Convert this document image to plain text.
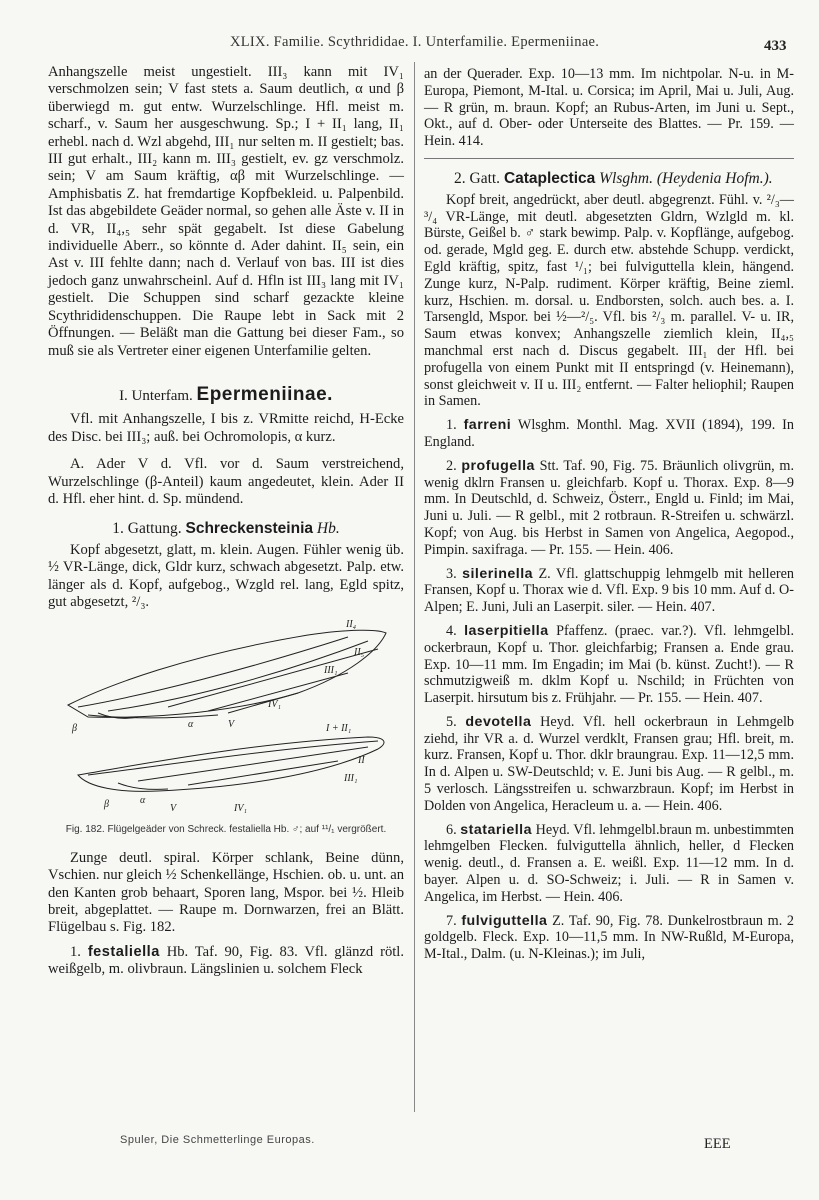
XLIX. Familie. Scythrididae. I. Unterfamilie. Epermeniinae.	433

Anhangszelle meist ungestielt. III₃ kann mit IV₁ verschmolzen sein; V fast stets a. Saum deutlich, α und β überwiegd m. gut entw. Wurzelschlinge. Hfl. meist m. scharf., v. Saum her ausgeschwung. Sp.; I + II₁ lang, II₁ erhebl. nach d. Wzl abgehd, III₁ nur selten m. II gestielt; bas. III gut erhalt., III₂ kann m. III₃ gestielt, ev. gz verschmolz. sein; V am Saum kräftig, αβ mit Wurzelschlinge. — Amphisbatis Z. hat fremdartige Kopfbekleid. u. Palpenbild. Ist das abgebildete Geäder normal, so gehen alle Äste v. II in d. VR, II₄,₅ sehr spät gegabelt. Ist diese Gabelung individuelle Aberr., so könnte d. Ader dahint. II₅ sein, ein Ast v. III fehlte dann; nach d. Verlauf von bas. III ist dies jedoch ganz unwahrscheinl. Auf d. Hfln ist III₃ lang mit IV₁ gestielt. Die Schuppen sind scharf gezackte kleine Scythrididenschuppen. Die Raupe lebt in Sack mit 2 Öffnungen. — Beläßt man die Gattung bei dieser Fam., so muß sie als Vertreter einer eigenen Unterfamilie gelten.

I. Unterfam. Epermeniinae.

Vfl. mit Anhangszelle, I bis z. VRmitte reichd, H-Ecke des Disc. bei III₃; auß. bei Ochromolopis, α kurz.

A. Ader V d. Vfl. vor d. Saum verstreichend, Wurzelschlinge (β-Anteil) kaum angedeutet, klein. Ader II d. Hfl. eher hint. d. Sp. mündend.

1. Gattung. Schreckensteinia Hb.

Kopf abgesetzt, glatt, m. klein. Augen. Fühler wenig üb. ½ VR-Länge, dick, Gldr kurz, schwach abgesetzt. Palp. etw. länger als d. Kopf, aufgebog., Wzgld rel. lang, Egld spitz, gut abgesetzt, ²/₃.

II₄
II₅
III₁
IV₁
V
β	α	I + II₁
II
III₁
α
V	IV₁
β

Fig. 182. Flügelgeäder von Schreck. festaliella Hb. ♂; auf ¹¹/₁ vergrößert.

Zunge deutl. spiral. Körper schlank, Beine dünn, Vschien. nur gleich ½ Schenkellänge, Hschien. ob. u. unt. an den Kanten grob behaart, Sporen lang, Mspor. bei ½. Hleib breit, abgeplattet. — Raupe m. Dornwarzen, frei an Blätt. Flügelbau s. Fig. 182.

1. festaliella Hb. Taf. 90, Fig. 83. Vfl. glänzd rötl. weißgelb, m. olivbraun. Längslinien u. solchem Fleck

an der Querader. Exp. 10—13 mm. Im nichtpolar. N-u. in M-Europa, Piemont, M-Ital. u. Corsica; im April, Mai u. Juli, Aug. — R grün, m. braun. Kopf; an Rubus-Arten, im Juni u. Sept., Okt., auf d. Ober- oder Unterseite des Blattes. — Pr. 159. — Hein. 414.

2. Gatt. Cataplectica Wlsghm. (Heydenia Hofm.).

Kopf breit, angedrückt, aber deutl. abgegrenzt. Fühl. v. ²/₃—³/₄ VR-Länge, mit deutl. abgesetzten Gldrn, Wzlgld m. kl. Bürste, Geißel b. ♂ stark bewimp. Palp. v. Kopflänge, aufgebog. od. gerade, Mgld geg. E. durch etw. abstehde Schupp. verdickt, Egld kräftig, spitz, fast ¹/₁; bei fulviguttella klein, hängend. Zunge kurz, N-Palp. rudiment. Körper kräftig, Beine zieml. kurz, Hschien. m. dorsal. u. Endborsten, solch. auch bes. a. I. Tarsengld, Mspor. bei ½—²/₅. Vfl. bis ²/₃ m. parallel. V- u. IR, Saum etwas konvex; Anhangszelle ziemlich klein, II₄,₅ manchmal erst nach d. Discus gegabelt. III₁ der Hfl. bei profugella von einem Punkt mit II entspringd (v. Heinemann), sonst gleichweit v. II u. III₂ entfernt. — Falter heliophil; Raupen in Samen.

1. farreni Wlsghm. Monthl. Mag. XVII (1894), 199. In England.

2. profugella Stt. Taf. 90, Fig. 75. Bräunlich olivgrün, m. wenig dklrn Fransen u. gleichfarb. Kopf u. Thorax. Exp. 8—9 mm. In Deutschld, d. Schweiz, Österr., Engld u. Finld; im Mai, Juni u. Juli. — R gelbl., mit 2 rotbraun. R-Streifen u. schwärzl. Kopf; von Aug. bis Herbst in Samen von Angelica, Aegopod., Pimpin. saxifraga. — Pr. 155. — Hein. 406.

3. silerinella Z. Vfl. glattschuppig lehmgelb mit helleren Fransen, Kopf u. Thorax wie d. Vfl. Exp. 9 bis 10 mm. Auf d. O-Alpen; E. Juni, Juli an Laserpit. siler. — Hein. 407.

4. laserpitiella Pfaffenz. (praec. var.?). Vfl. lehmgelbl. ockerbraun, Kopf u. Thor. gleichfarbig; Fransen a. Ende grau. Exp. 10—11 mm. Im Engadin; im Mai (b. künst. Zucht!). — R schmutzigweiß m. dklm Kopf u. Nschild; in Früchten von Laserpit. hirsutum bis z. Frühjahr. — Pr. 155. — Hein. 407.

5. devotella Heyd. Vfl. hell ockerbraun in Lehmgelb ziehd, ihr VR a. d. Wurzel verdklt, Fransen grau; Hfl. breit, m. kurz. Fransen, Kopf u. Thor. dklr braungrau. Exp. 11—12,5 mm. In d. Alpen u. SW-Deutschld; v. E. Juni bis Aug. — R gelbl., m. 5 verlosch. Längsstreifen u. schwarzbraun. Kopf; im Herbst in Dolden von Angelica, Heracleum u. a. — Hein. 406.

6. statariella Heyd. Vfl. lehmgelbl.braun m. unbestimmten lehmgelben Flecken. fulviguttella ähnlich, heller, d Flecken wenig. deutl., d. Fransen a. E. weißl. Exp. 11—12 mm. In d. bayer. Alpen u. d. SO-Schweiz; i. Juli. — R in Samen v. Angelica, im Herbst. — Hein. 406.

7. fulviguttella Z. Taf. 90, Fig. 78. Dunkelrostbraun m. 2 goldgelb. Fleck. Exp. 10—11,5 mm. In NW-Rußld, M-Europa, M-Ital., Dalm. (u. N-Kleinas.); im Juli,

Spuler, Die Schmetterlinge Europas.	EEE
